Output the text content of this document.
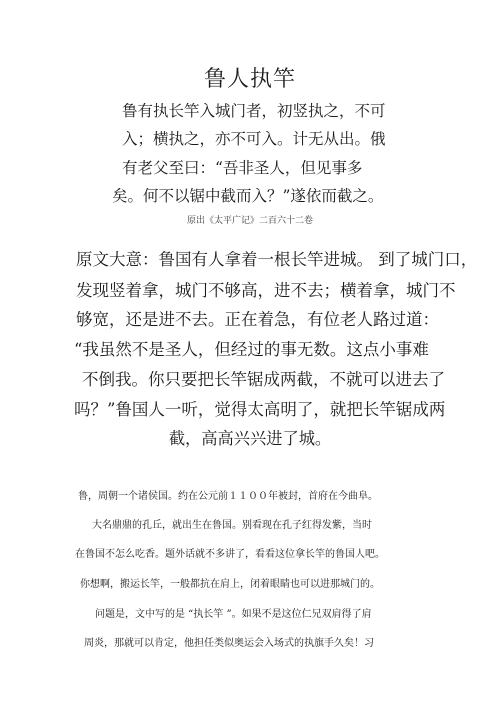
鲁人执竿
鲁有执长竿入城门者，初竖执之，不可
入；横执之，亦不可入。计无从出。俄
有老父至曰：“吾非圣人，但见事多
矣。何不以锯中截而入？”遂依而截之。
原出《太平广记》二百六十二卷
原文大意：鲁国有人拿着一根长竿进城。 到了城门口，
发现竖着拿，城门不够高，进不去；横着拿，城门不
够宽，还是进不去。正在着急，有位老人路过道：
“我虽然不是圣人，但经过的事无数。这点小事难
不倒我。你只要把长竿锯成两截，不就可以进去了
吗？”鲁国人一听，觉得太高明了，就把长竿锯成两
截，高高兴兴进了城。
鲁，周朝一个诸侯国。约在公元前１１００年被封，首府在今曲阜。
大名鼎鼎的孔丘，就出生在鲁国。别看现在孔子红得发紫，当时
在鲁国不怎么吃香。题外话就不多讲了，看看这位拿长竿的鲁国人吧。
你想啊，搬运长竿，一般都抗在肩上，闭着眼睛也可以进那城门的。
问题是，文中写的是 “执长竿 ”。如果不是这位仁兄双肩得了肩
周炎，那就可以肯定，他担任类似奥运会入场式的执旗手久矣！习
